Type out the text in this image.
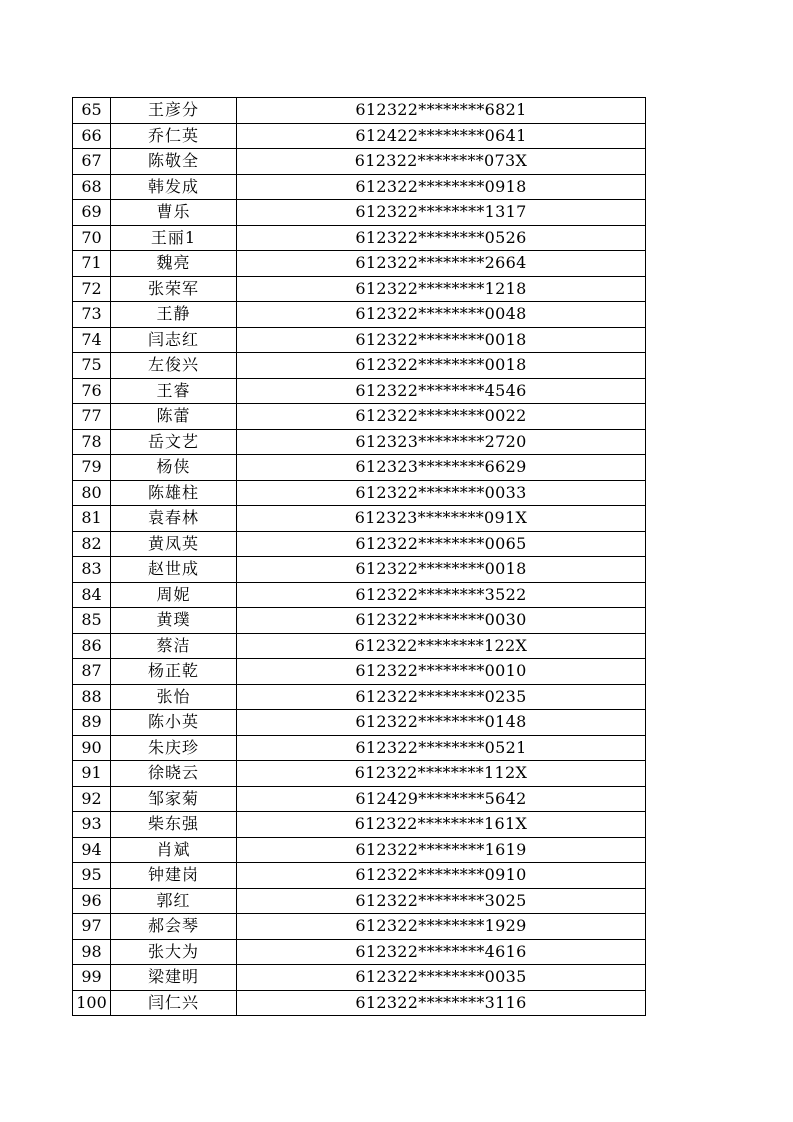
65	王彦分	612322********6821
66	乔仁英	612422********0641
67	陈敬全	612322********073X
68	韩发成	612322********0918
69	曹乐	612322********1317
70	王丽1	612322********0526
71	魏亮	612322********2664
72	张荣军	612322********1218
73	王静	612322********0048
74	闫志红	612322********0018
75	左俊兴	612322********0018
76	王睿	612322********4546
77	陈蕾	612322********0022
78	岳文艺	612323********2720
79	杨侠	612323********6629
80	陈雄柱	612322********0033
81	袁春林	612323********091X
82	黄凤英	612322********0065
83	赵世成	612322********0018
84	周妮	612322********3522
85	黄璞	612322********0030
86	蔡洁	612322********122X
87	杨正乾	612322********0010
88	张怡	612322********0235
89	陈小英	612322********0148
90	朱庆珍	612322********0521
91	徐晓云	612322********112X
92	邹家菊	612429********5642
93	柴东强	612322********161X
94	肖斌	612322********1619
95	钟建岗	612322********0910
96	郭红	612322********3025
97	郝会琴	612322********1929
98	张大为	612322********4616
99	梁建明	612322********0035
100	闫仁兴	612322********3116
